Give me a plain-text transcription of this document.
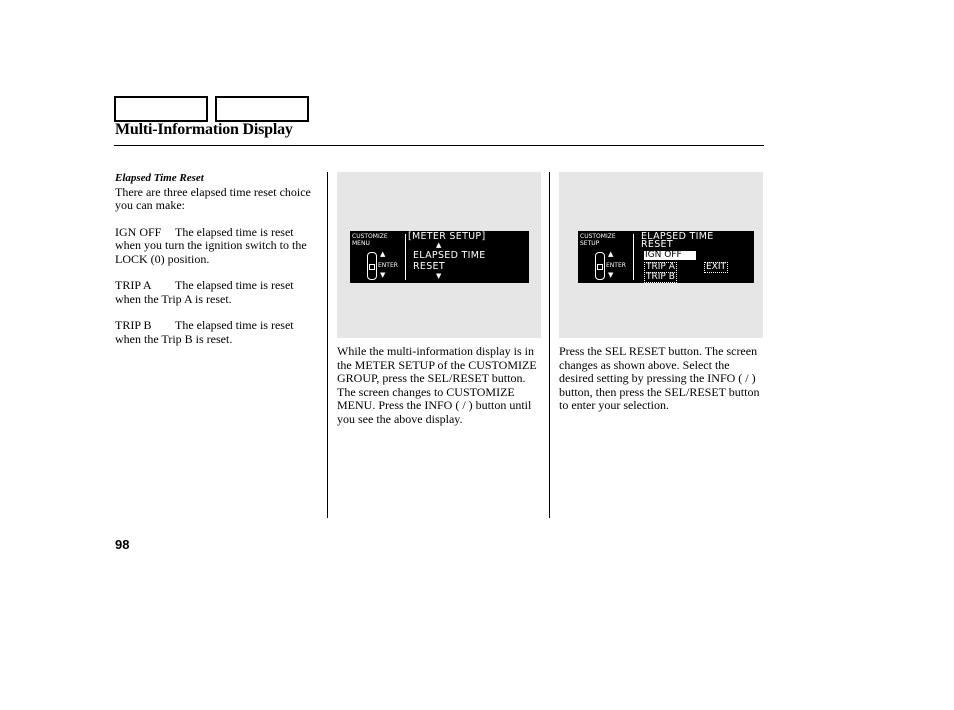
Multi-Information Display
Elapsed Time Reset
There are three elapsed time reset choice you can make:
IGN OFF The elapsed time is reset when you turn the ignition switch to the LOCK (0) position.
TRIP A The elapsed time is reset when the Trip A is reset.
TRIP B The elapsed time is reset when the Trip B is reset.
CUSTOMIZE
MENU
▲
ENTER
▼
[METER SETUP]
▲
ELAPSED TIME
RESET
▼
CUSTOMIZE
SETUP
▲
ENTER
▼
ELAPSED TIME
RESET
IGN OFF
TRIP A	EXIT
TRIP B
While the multi-information display is in the METER SETUP of the CUSTOMIZE GROUP, press the SEL/RESET button. The screen changes to CUSTOMIZE MENU. Press the INFO ( / ) button until you see the above display.
Press the SEL RESET button. The screen changes as shown above. Select the desired setting by pressing the INFO ( / ) button, then press the SEL/RESET button to enter your selection.
98
